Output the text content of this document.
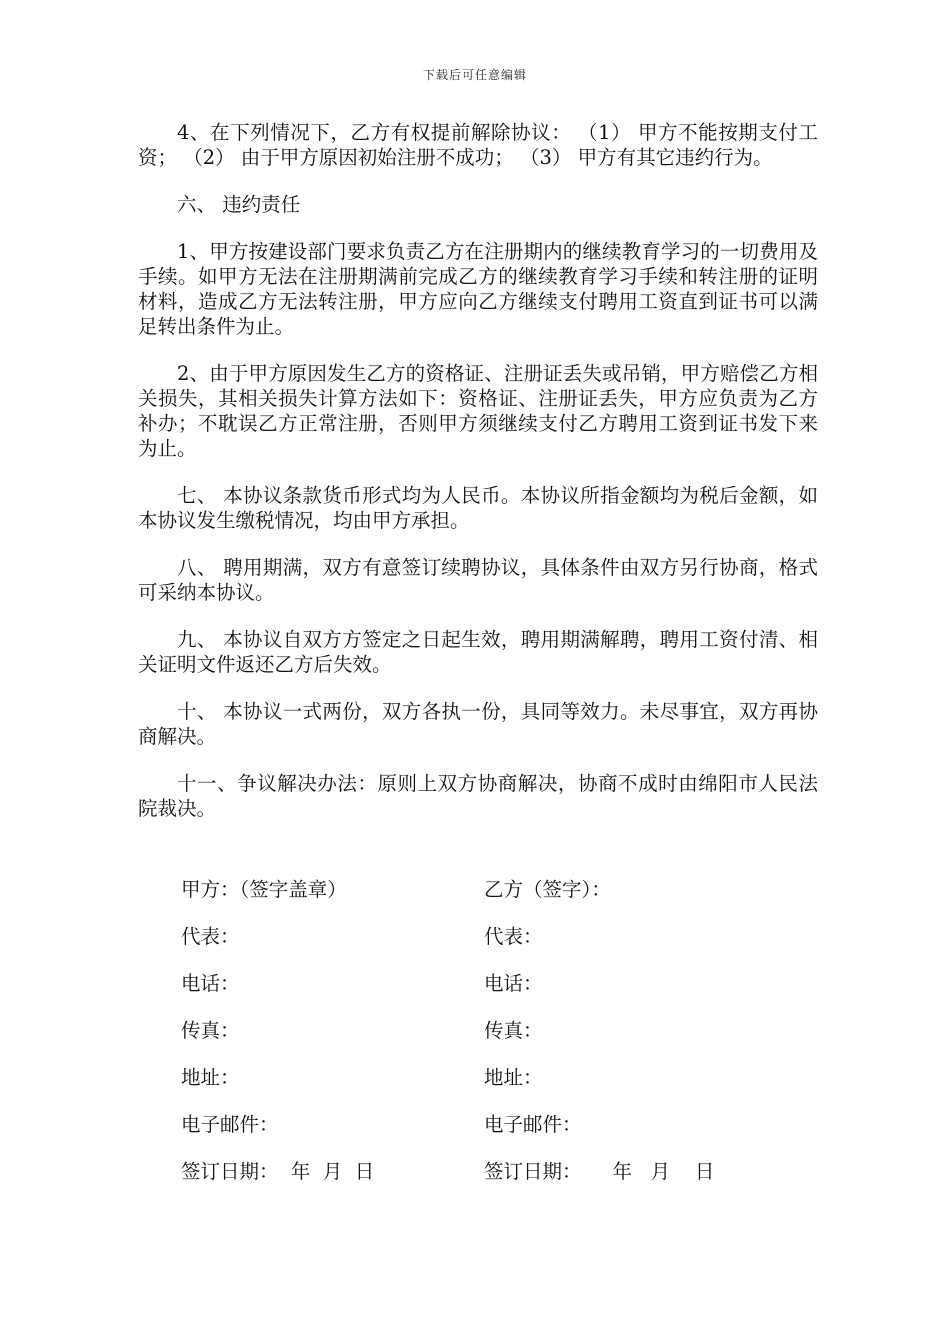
下载后可任意编辑

4、在下列情况下，乙方有权提前解除协议： （1） 甲方不能按期支付工资； （2） 由于甲方原因初始注册不成功； （3） 甲方有其它违约行为。

六、 违约责任

1、甲方按建设部门要求负责乙方在注册期内的继续教育学习的一切费用及手续。如甲方无法在注册期满前完成乙方的继续教育学习手续和转注册的证明材料，造成乙方无法转注册，甲方应向乙方继续支付聘用工资直到证书可以满足转出条件为止。

2、由于甲方原因发生乙方的资格证、注册证丢失或吊销，甲方赔偿乙方相关损失，其相关损失计算方法如下：资格证、注册证丢失，甲方应负责为乙方补办；不耽误乙方正常注册，否则甲方须继续支付乙方聘用工资到证书发下来为止。

七、 本协议条款货币形式均为人民币。本协议所指金额均为税后金额，如本协议发生缴税情况，均由甲方承担。

八、 聘用期满，双方有意签订续聘协议，具体条件由双方另行协商，格式可采纳本协议。

九、 本协议自双方方签定之日起生效，聘用期满解聘，聘用工资付清、相关证明文件返还乙方后失效。

十、 本协议一式两份，双方各执一份，具同等效力。未尽事宜，双方再协商解决。

十一、争议解决办法：原则上双方协商解决，协商不成时由绵阳市人民法院裁决。

甲方：（签字盖章）	乙方（签字）：
代表：	代表：
电话：	电话：
传真：	传真：
地址：	地址：
电子邮件：	电子邮件：
签订日期：  年  月  日	签订日期：     年   月    日
